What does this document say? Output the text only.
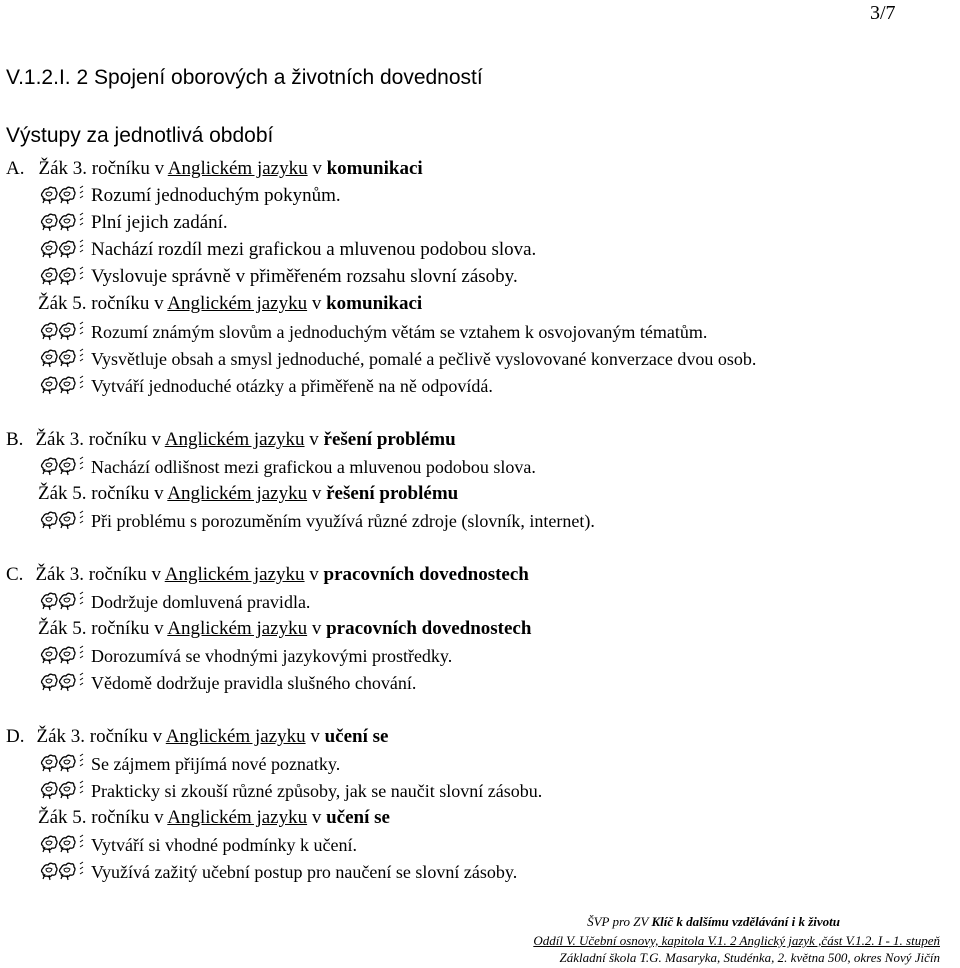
3/7
V.1.2.I. 2 Spojení oborových a životních dovedností
Výstupy za jednotlivá období
A. Žák 3. ročníku v Anglickém jazyku v komunikaci
Rozumí jednoduchým pokynům.
Plní jejich zadání.
Nachází rozdíl mezi grafickou a mluvenou podobou slova.
Vyslovuje správně v přiměřeném rozsahu slovní zásoby.
Žák 5. ročníku v Anglickém jazyku v komunikaci
Rozumí známým slovům a jednoduchým větám se vztahem k osvojovaným tématům.
Vysvětluje obsah a smysl jednoduché, pomalé a pečlivě vyslovované konverzace dvou osob.
Vytváří jednoduché otázky a přiměřeně na ně odpovídá.
B. Žák 3. ročníku v Anglickém jazyku v řešení problému
Nachází odlišnost mezi grafickou a mluvenou podobou slova.
Žák 5. ročníku v Anglickém jazyku v řešení problému
Při problému s porozuměním využívá různé zdroje (slovník, internet).
C. Žák 3. ročníku v Anglickém jazyku v pracovních dovednostech
Dodržuje domluvená pravidla.
Žák 5. ročníku v Anglickém jazyku v pracovních dovednostech
Dorozumívá se vhodnými jazykovými prostředky.
Vědomě dodržuje pravidla slušného chování.
D. Žák 3. ročníku v Anglickém jazyku v učení se
Se zájmem přijímá nové poznatky.
Prakticky si zkouší různé způsoby, jak se naučit slovní zásobu.
Žák 5. ročníku v Anglickém jazyku v učení se
Vytváří si vhodné podmínky k učení.
Využívá zažitý učební postup pro naučení se slovní zásoby.
ŠVP pro ZV Klíč k dalšímu vzdělávání i k životu
Oddíl V. Učební osnovy, kapitola V.1. 2 Anglický jazyk ,část V.1.2. I - 1. stupeň
Základní škola T.G. Masaryka, Studénka, 2. května 500, okres Nový Jičín
